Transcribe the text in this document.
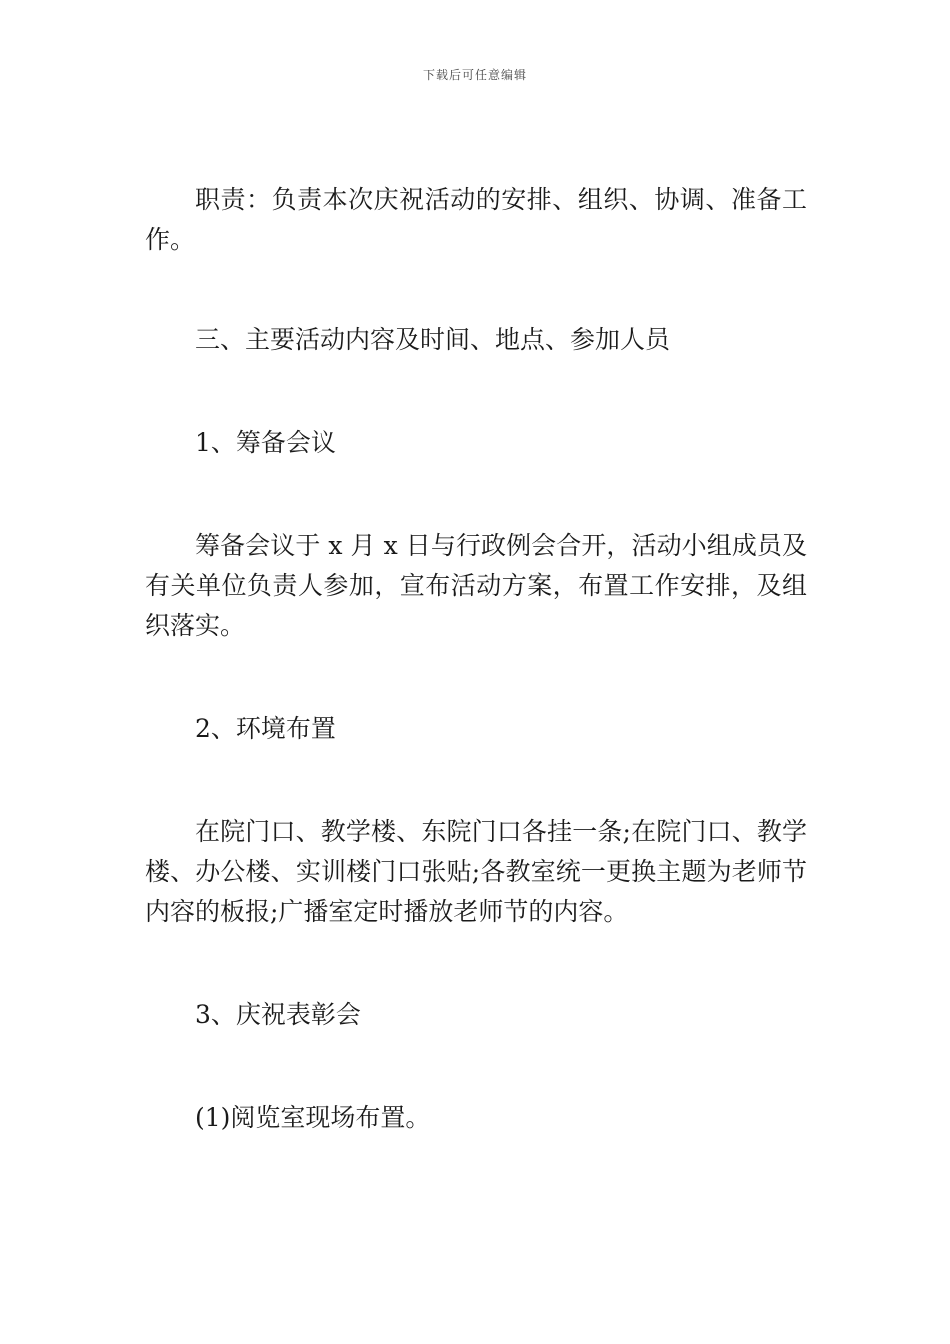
下载后可任意编辑

职责：负责本次庆祝活动的安排、组织、协调、准备工作。

三、主要活动内容及时间、地点、参加人员

1、筹备会议

筹备会议于 x 月 x 日与行政例会合开，活动小组成员及有关单位负责人参加，宣布活动方案，布置工作安排，及组织落实。

2、环境布置

在院门口、教学楼、东院门口各挂一条;在院门口、教学楼、办公楼、实训楼门口张贴;各教室统一更换主题为老师节内容的板报;广播室定时播放老师节的内容。

3、庆祝表彰会

(1)阅览室现场布置。
